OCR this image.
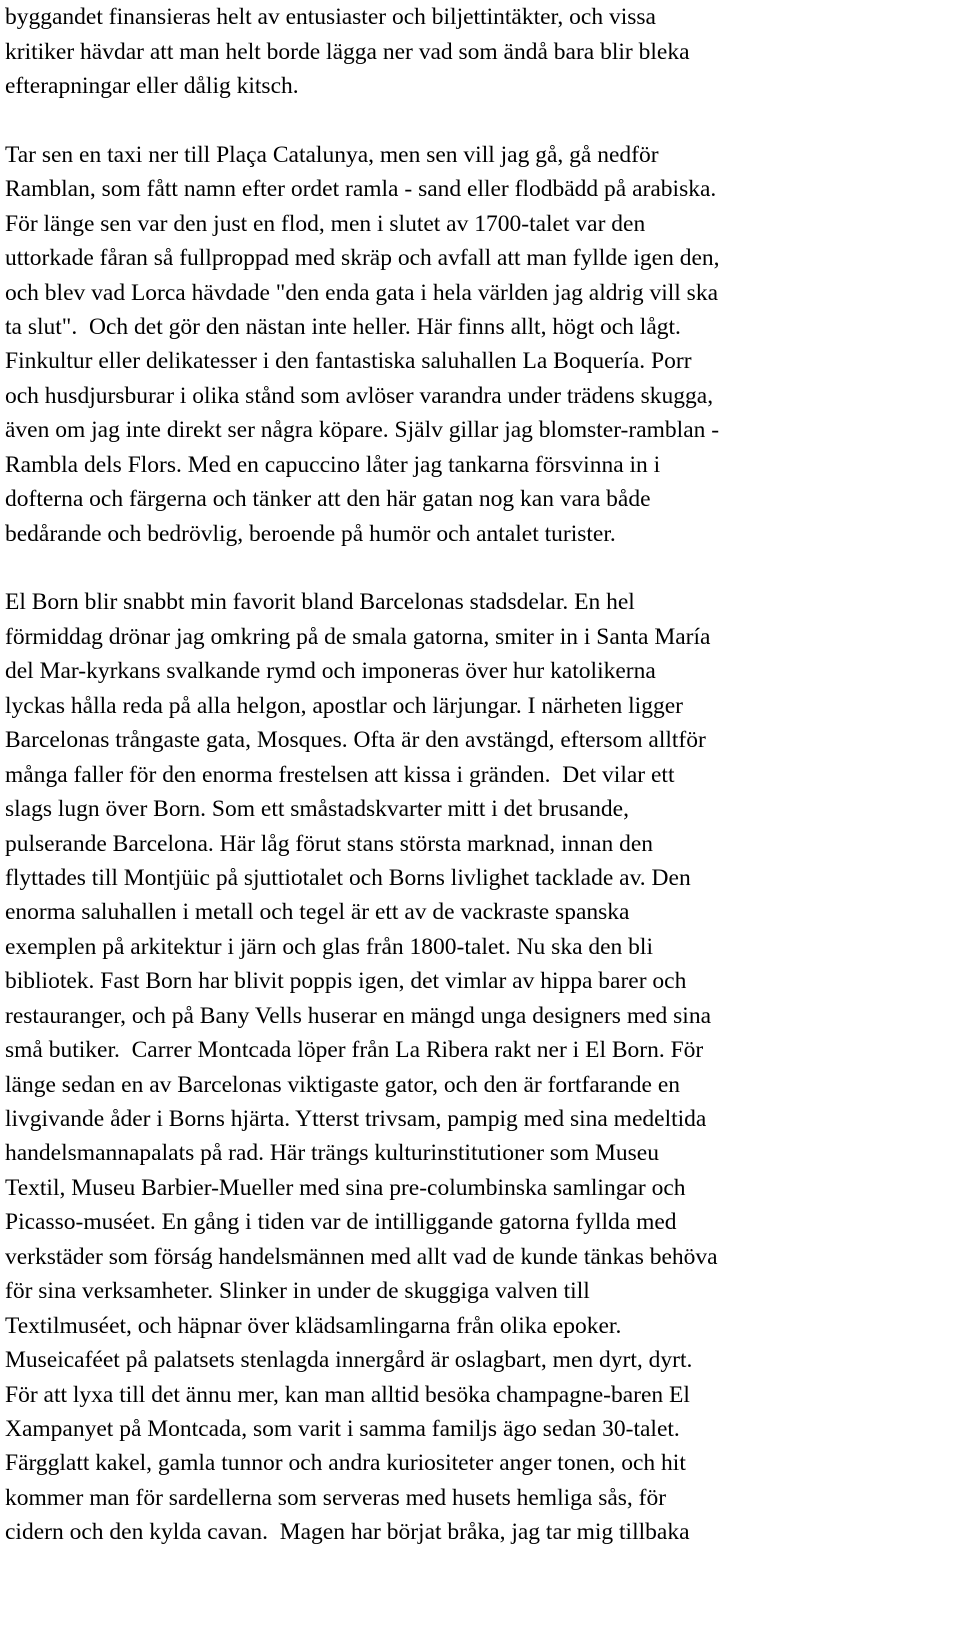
byggandet finansieras helt av entusiaster och biljettintäkter, och vissa
kritiker hävdar att man helt borde lägga ner vad som ändå bara blir bleka
efterapningar eller dålig kitsch.
Tar sen en taxi ner till Plaça Catalunya, men sen vill jag gå, gå nedför
Ramblan, som fått namn efter ordet ramla - sand eller flodbädd på arabiska.
För länge sen var den just en flod, men i slutet av 1700-talet var den
uttorkade fåran så fullproppad med skräp och avfall att man fyllde igen den,
och blev vad Lorca hävdade "den enda gata i hela världen jag aldrig vill ska
ta slut".  Och det gör den nästan inte heller. Här finns allt, högt och lågt.
Finkultur eller delikatesser i den fantastiska saluhallen La Boquería. Porr
och husdjursburar i olika stånd som avlöser varandra under trädens skugga,
även om jag inte direkt ser några köpare. Själv gillar jag blomster-ramblan -
Rambla dels Flors. Med en capuccino låter jag tankarna försvinna in i
dofterna och färgerna och tänker att den här gatan nog kan vara både
bedårande och bedrövlig, beroende på humör och antalet turister.
El Born blir snabbt min favorit bland Barcelonas stadsdelar. En hel
förmiddag drönar jag omkring på de smala gatorna, smiter in i Santa María
del Mar-kyrkans svalkande rymd och imponeras över hur katolikerna
lyckas hålla reda på alla helgon, apostlar och lärjungar. I närheten ligger
Barcelonas trångaste gata, Mosques. Ofta är den avstängd, eftersom alltför
många faller för den enorma frestelsen att kissa i gränden.  Det vilar ett
slags lugn över Born. Som ett småstadskvarter mitt i det brusande,
pulserande Barcelona. Här låg förut stans största marknad, innan den
flyttades till Montjüic på sjuttiotalet och Borns livlighet tacklade av. Den
enorma saluhallen i metall och tegel är ett av de vackraste spanska
exemplen på arkitektur i järn och glas från 1800-talet. Nu ska den bli
bibliotek. Fast Born har blivit poppis igen, det vimlar av hippa barer och
restauranger, och på Bany Vells huserar en mängd unga designers med sina
små butiker.  Carrer Montcada löper från La Ribera rakt ner i El Born. För
länge sedan en av Barcelonas viktigaste gator, och den är fortfarande en
livgivande åder i Borns hjärta. Ytterst trivsam, pampig med sina medeltida
handelsmannapalats på rad. Här trängs kulturinstitutioner som Museu
Textil, Museu Barbier-Mueller med sina pre-columbinska samlingar och
Picasso-muséet. En gång i tiden var de intilliggande gatorna fyllda med
verkstäder som förság handelsmännen med allt vad de kunde tänkas behöva
för sina verksamheter. Slinker in under de skuggiga valven till
Textilmuséet, och häpnar över klädsamlingarna från olika epoker.
Museicaféet på palatsets stenlagda innergård är oslagbart, men dyrt, dyrt.
För att lyxa till det ännu mer, kan man alltid besöka champagne-baren El
Xampanyet på Montcada, som varit i samma familjs ägo sedan 30-talet.
Färgglatt kakel, gamla tunnor och andra kuriositeter anger tonen, och hit
kommer man för sardellerna som serveras med husets hemliga sås, för
cidern och den kylda cavan.  Magen har börjat bråka, jag tar mig tillbaka
